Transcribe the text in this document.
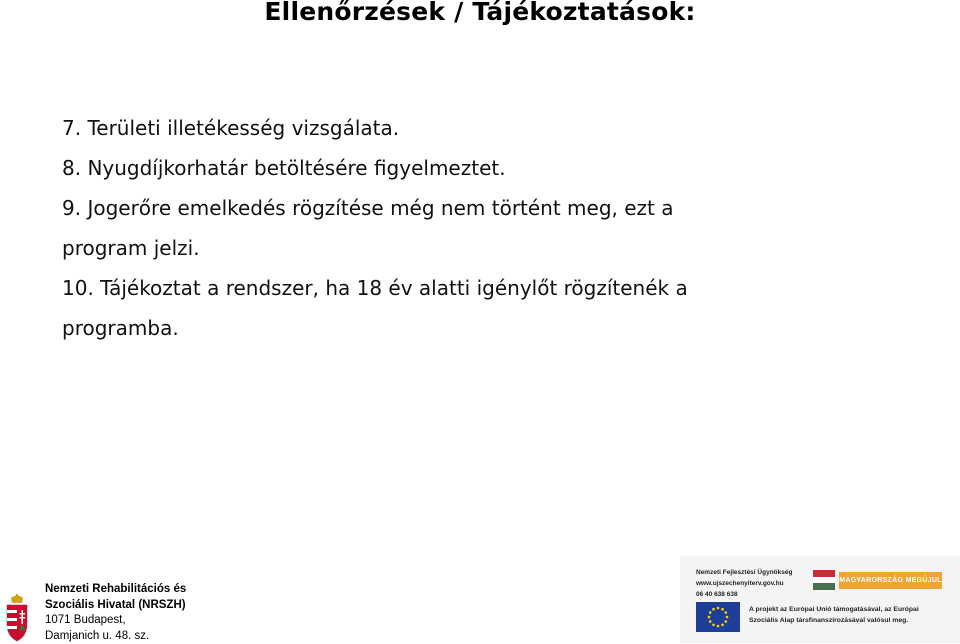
Ellenőrzések / Tájékoztatások:

7. Területi illetékesség vizsgálata.

8. Nyugdíjkorhatár betöltésére figyelmeztet.

9. Jogerőre emelkedés rögzítése még nem történt meg, ezt a

program jelzi.

10. Tájékoztat a rendszer, ha 18 év alatti igénylőt rögzítenék a

programba.

Nemzeti Rehabilitációs és
Szociális Hivatal (NRSZH)
1071 Budapest,
Damjanich u. 48. sz.
Nemzeti Fejlesztési Ügynökség
www.ujszechenyiterv.gov.hu
06 40 638 638
MAGYARORSZÁG MEGÚJUL
A projekt az Európai Unió támogatásával, az Európai
Szociális Alap társfinanszírozásával valósul meg.
